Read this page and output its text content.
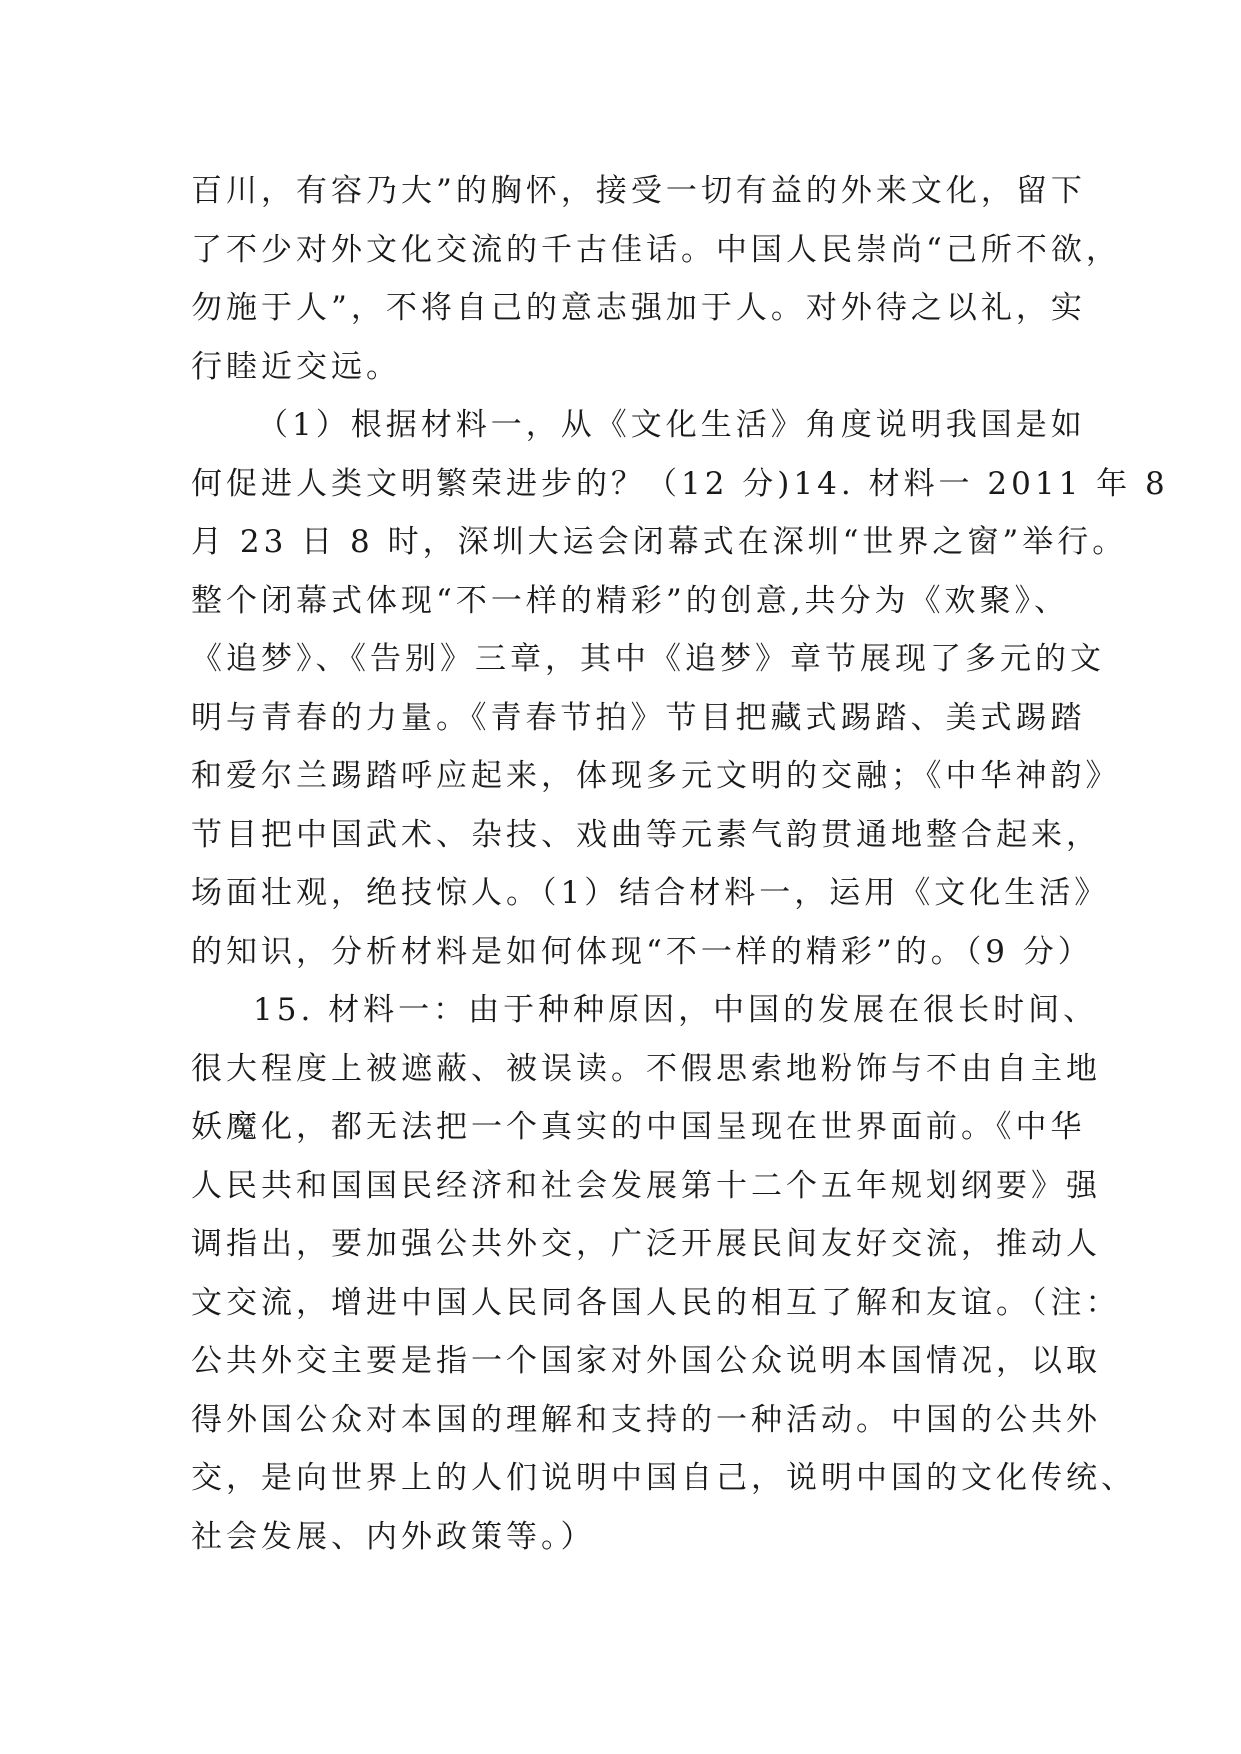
百川，有容乃大”的胸怀，接受一切有益的外来文化，留下
了不少对外文化交流的千古佳话。中国人民崇尚“己所不欲，
勿施于人”，不将自己的意志强加于人。对外待之以礼，实
行睦近交远。
（1）根据材料一，从《文化生活》角度说明我国是如
何促进人类文明繁荣进步的？（12 分)14. 材料一 2011 年 8
月 23 日 8 时，深圳大运会闭幕式在深圳“世界之窗”举行。
整个闭幕式体现“不一样的精彩”的创意,共分为《欢聚》、
《追梦》、《告别》三章，其中《追梦》章节展现了多元的文
明与青春的力量。《青春节拍》节目把藏式踢踏、美式踢踏
和爱尔兰踢踏呼应起来，体现多元文明的交融；《中华神韵》
节目把中国武术、杂技、戏曲等元素气韵贯通地整合起来，
场面壮观，绝技惊人。（1）结合材料一，运用《文化生活》
的知识，分析材料是如何体现“不一样的精彩”的。（9 分）
15. 材料一：由于种种原因，中国的发展在很长时间、
很大程度上被遮蔽、被误读。不假思索地粉饰与不由自主地
妖魔化，都无法把一个真实的中国呈现在世界面前。《中华
人民共和国国民经济和社会发展第十二个五年规划纲要》强
调指出，要加强公共外交，广泛开展民间友好交流，推动人
文交流，增进中国人民同各国人民的相互了解和友谊。（注：
公共外交主要是指一个国家对外国公众说明本国情况，以取
得外国公众对本国的理解和支持的一种活动。中国的公共外
交，是向世界上的人们说明中国自己，说明中国的文化传统、
社会发展、内外政策等。）
